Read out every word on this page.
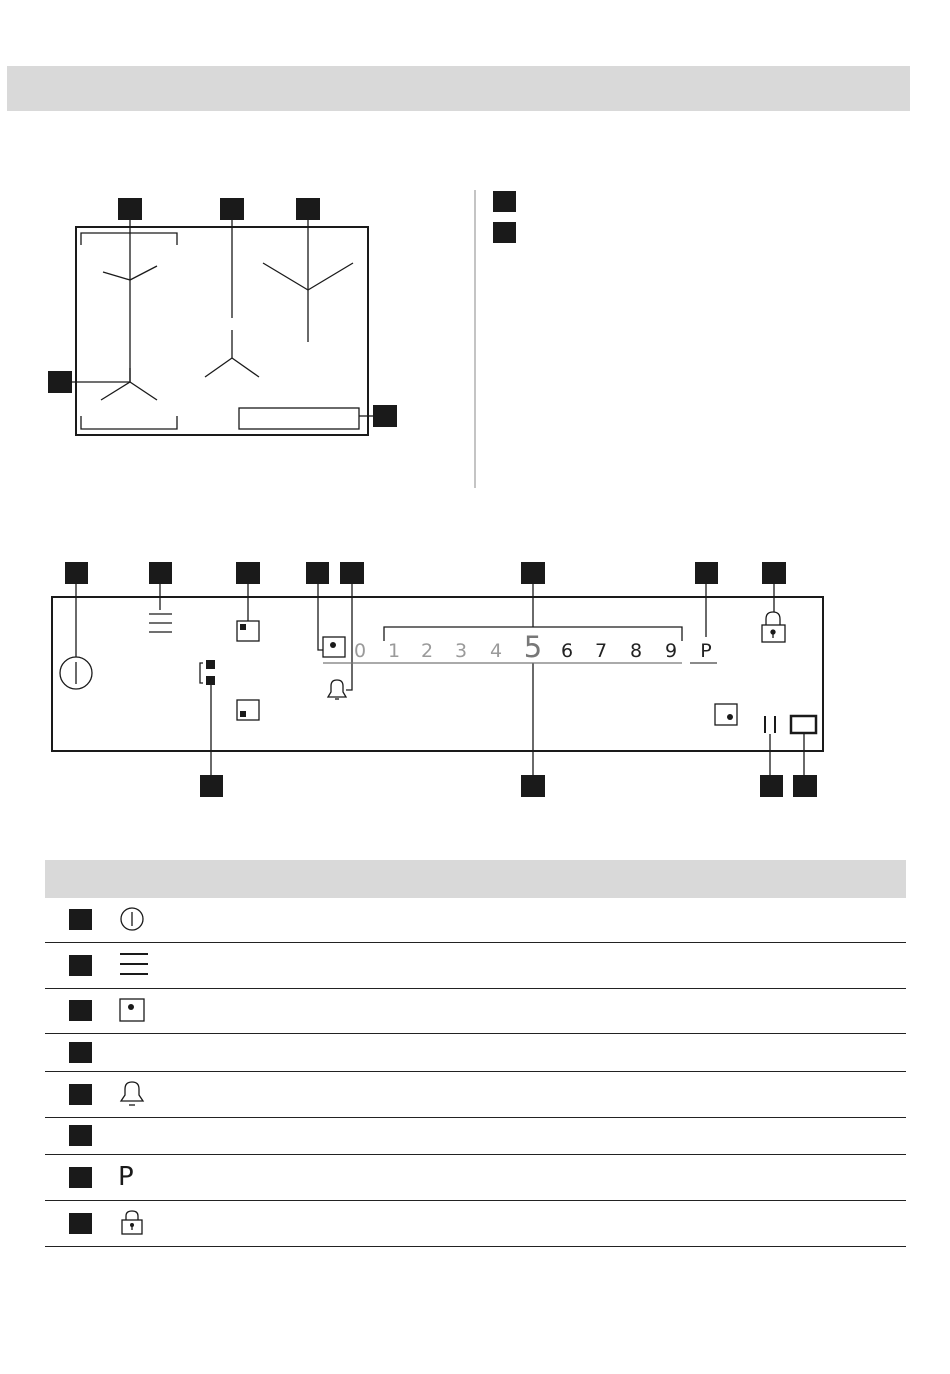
0 1 2 3 4 5 6 7 8 9 P
P
